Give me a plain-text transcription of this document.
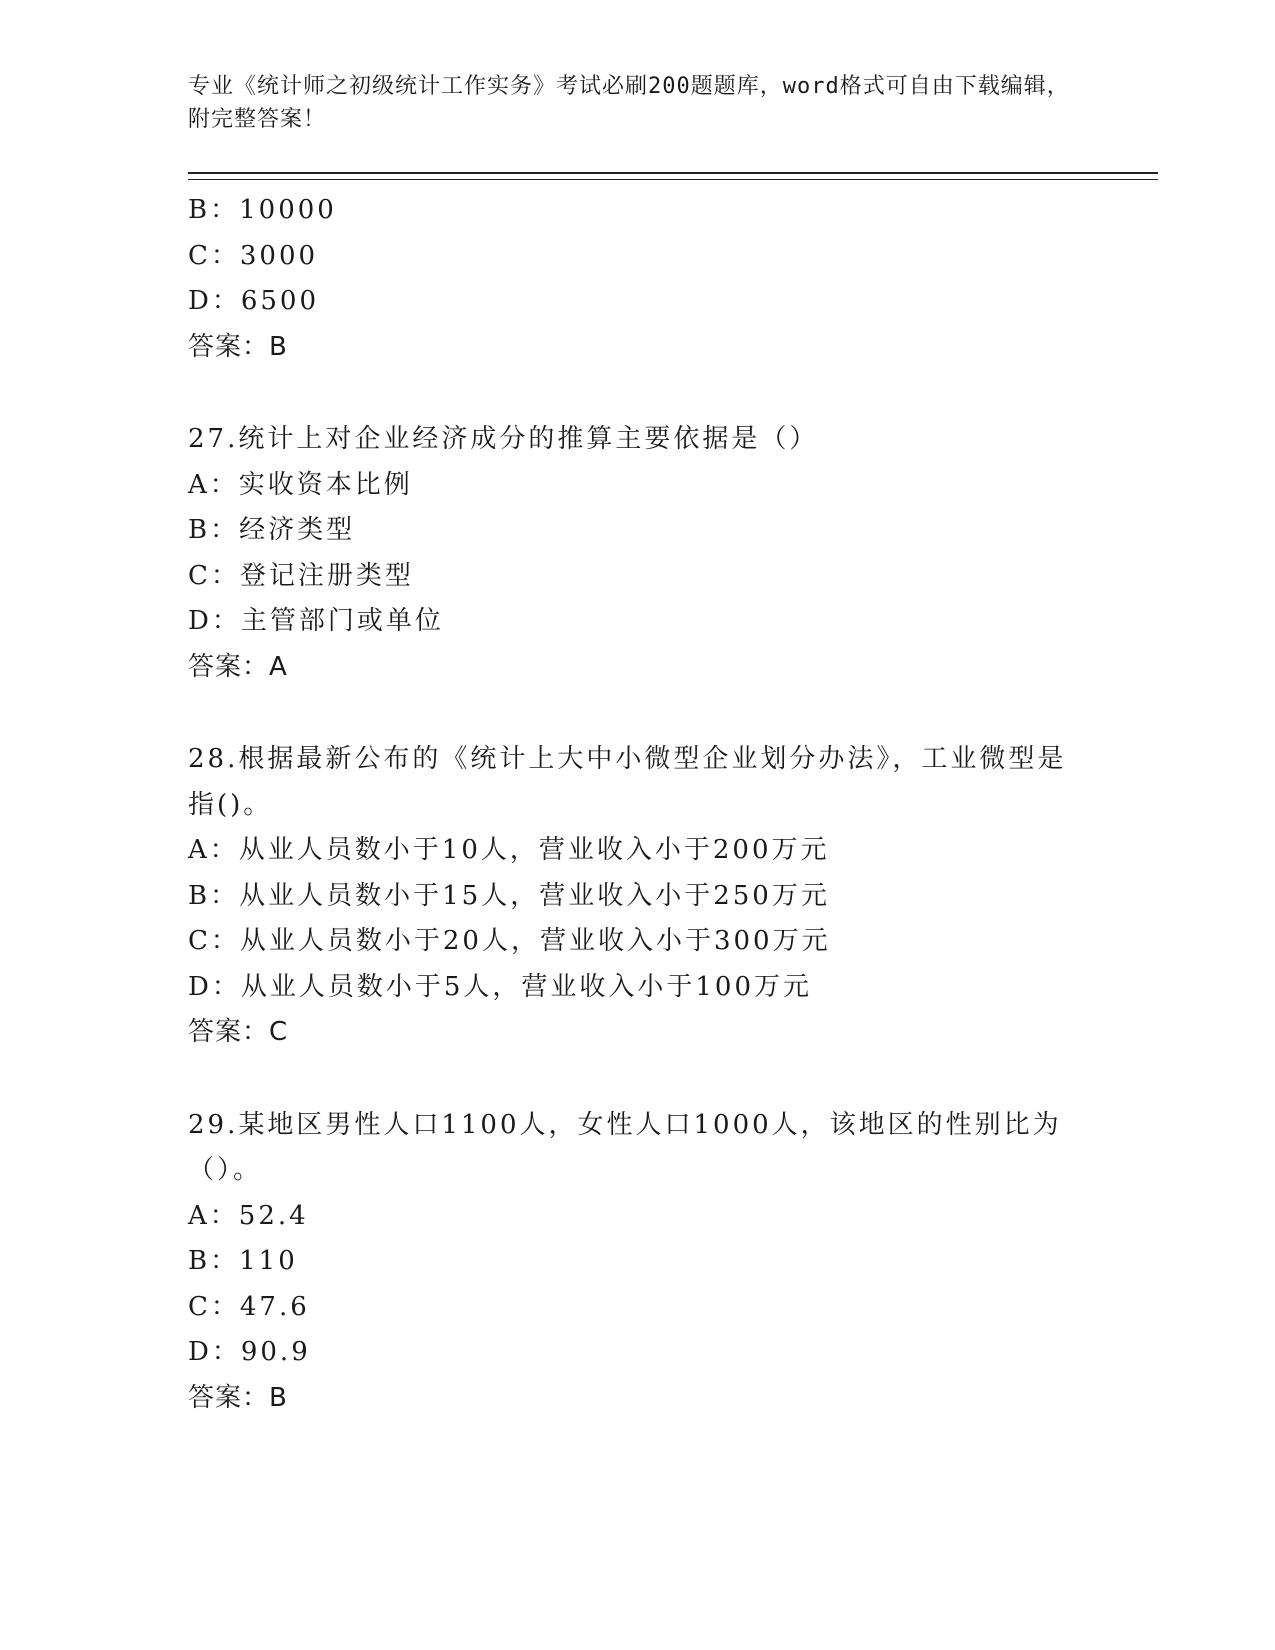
专业《统计师之初级统计工作实务》考试必刷200题题库，word格式可自由下载编辑，附完整答案！

B：10000
C：3000
D：6500
答案：B
27.统计上对企业经济成分的推算主要依据是（）
A：实收资本比例
B：经济类型
C：登记注册类型
D：主管部门或单位
答案：A
28.根据最新公布的《统计上大中小微型企业划分办法》，工业微型是指()。
A：从业人员数小于10人，营业收入小于200万元
B：从业人员数小于15人，营业收入小于250万元
C：从业人员数小于20人，营业收入小于300万元
D：从业人员数小于5人，营业收入小于100万元
答案：C
29.某地区男性人口1100人，女性人口1000人，该地区的性别比为（）。
A：52.4
B：110
C：47.6
D：90.9
答案：B
